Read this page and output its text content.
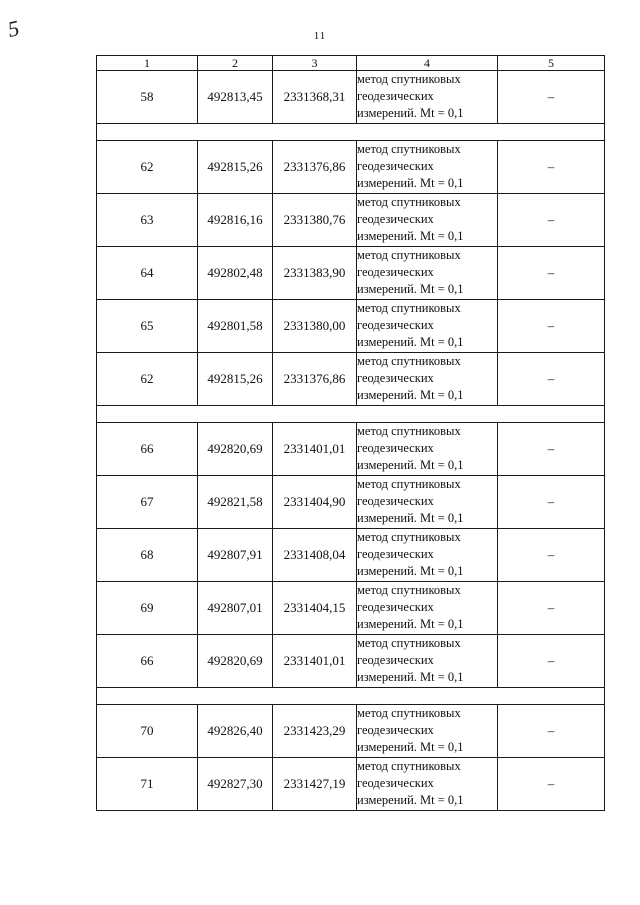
5	11
1	2	3	4	5
58	492813,45	2331368,31	метод спутниковых
геодезических
измерений. Mt = 0,1	–

62	492815,26	2331376,86	метод спутниковых
геодезических
измерений. Mt = 0,1	–
63	492816,16	2331380,76	метод спутниковых
геодезических
измерений. Mt = 0,1	–
64	492802,48	2331383,90	метод спутниковых
геодезических
измерений. Mt = 0,1	–
65	492801,58	2331380,00	метод спутниковых
геодезических
измерений. Mt = 0,1	–
62	492815,26	2331376,86	метод спутниковых
геодезических
измерений. Mt = 0,1	–

66	492820,69	2331401,01	метод спутниковых
геодезических
измерений. Mt = 0,1	–
67	492821,58	2331404,90	метод спутниковых
геодезических
измерений. Mt = 0,1	–
68	492807,91	2331408,04	метод спутниковых
геодезических
измерений. Mt = 0,1	–
69	492807,01	2331404,15	метод спутниковых
геодезических
измерений. Mt = 0,1	–
66	492820,69	2331401,01	метод спутниковых
геодезических
измерений. Mt = 0,1	–

70	492826,40	2331423,29	метод спутниковых
геодезических
измерений. Mt = 0,1	–
71	492827,30	2331427,19	метод спутниковых
геодезических
измерений. Mt = 0,1	–
